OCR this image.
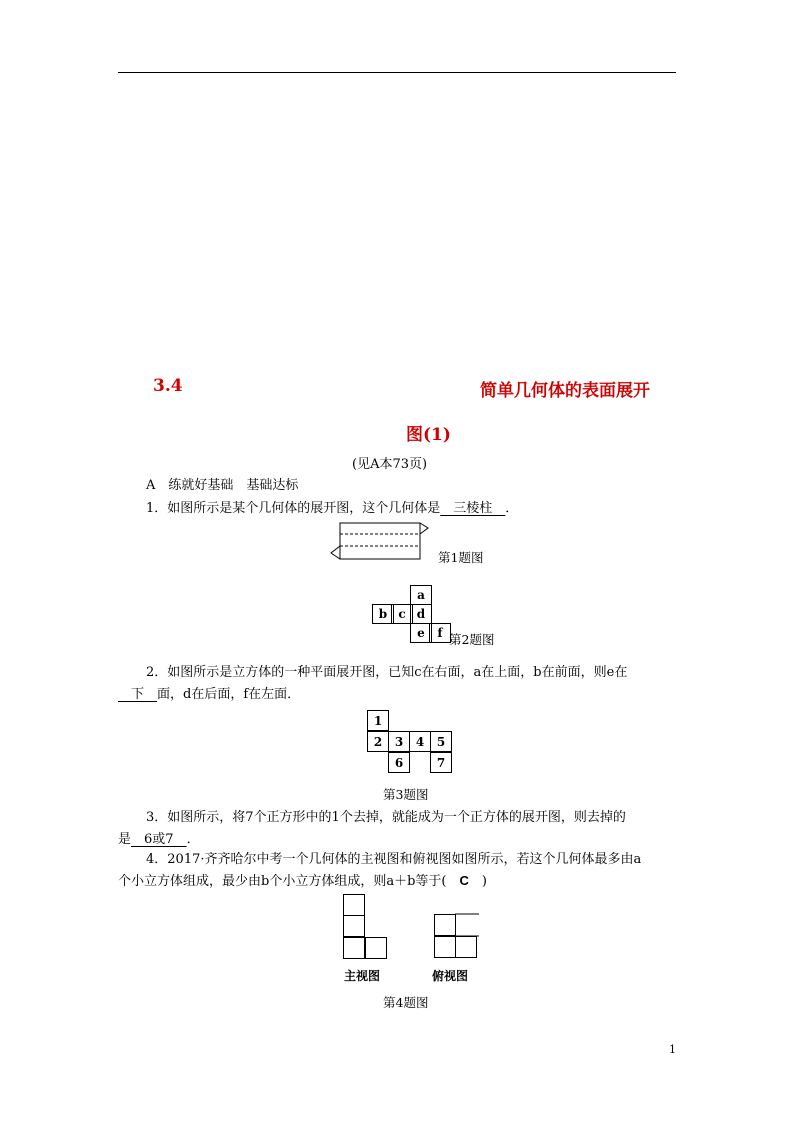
3.4	简单几何体的表面展开
图(1)
(见A本73页)
A　练就好基础　基础达标
1．如图所示是某个几何体的展开图，这个几何体是　三棱柱　．
第1题图
a
b c d
e	f 第2题图
2．如图所示是立方体的一种平面展开图，已知c在右面，a在上面，b在前面，则e在
　下　面，d在后面，f在左面．
1
2	3	4	5
6	7
第3题图
3．如图所示，将7个正方形中的1个去掉，就能成为一个正方体的展开图，则去掉的
是　6或7　．
4．2017·齐齐哈尔中考一个几何体的主视图和俯视图如图所示，若这个几何体最多由a
个小立方体组成，最少由b个小立方体组成，则a＋b等于(　C　)
主视图	俯视图
第4题图
1
